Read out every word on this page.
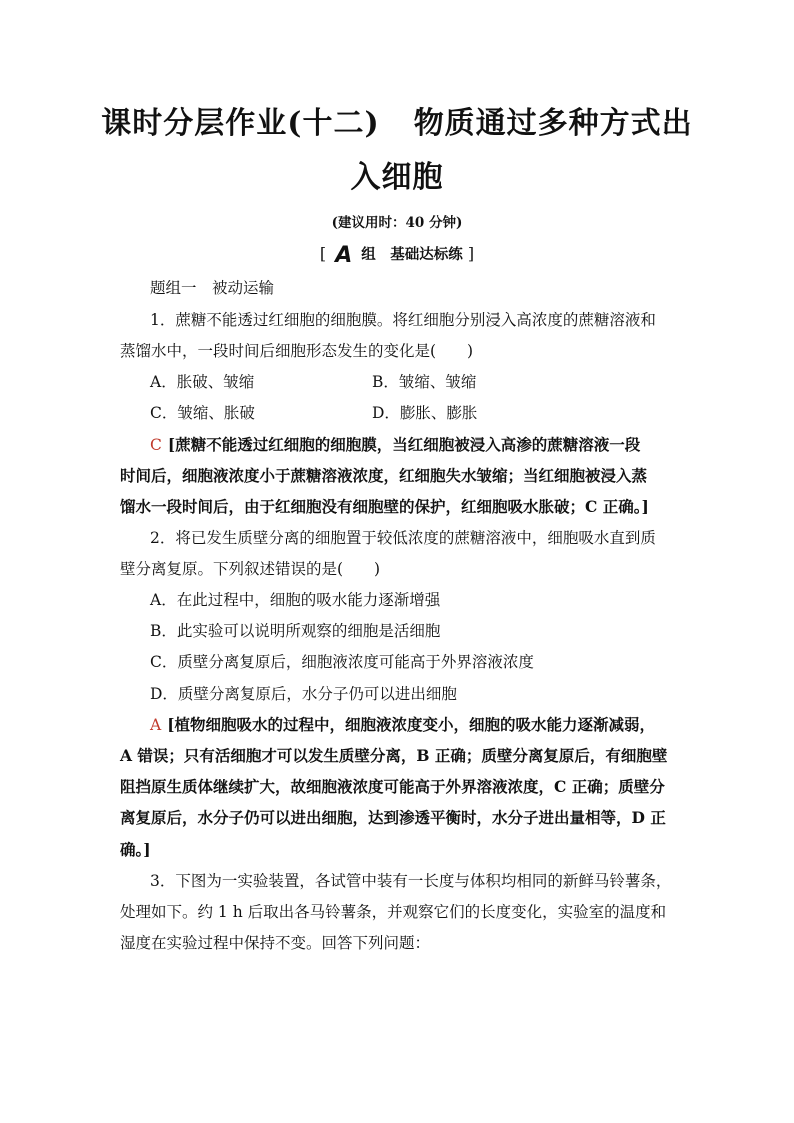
课时分层作业(十二) 物质通过多种方式出
入细胞
(建议用时：40 分钟)
[ A 组　基础达标练 ]
题组一　被动运输
1．蔗糖不能透过红细胞的细胞膜。将红细胞分别浸入高浓度的蔗糖溶液和
蒸馏水中，一段时间后细胞形态发生的变化是(　　)
A．胀破、皱缩	B．皱缩、皱缩
C．皱缩、胀破	D．膨胀、膨胀
C [蔗糖不能透过红细胞的细胞膜，当红细胞被浸入高渗的蔗糖溶液一段
时间后，细胞液浓度小于蔗糖溶液浓度，红细胞失水皱缩；当红细胞被浸入蒸
馏水一段时间后，由于红细胞没有细胞壁的保护，红细胞吸水胀破；C 正确。]
2．将已发生质壁分离的细胞置于较低浓度的蔗糖溶液中，细胞吸水直到质
壁分离复原。下列叙述错误的是(　　)
A．在此过程中，细胞的吸水能力逐渐增强
B．此实验可以说明所观察的细胞是活细胞
C．质壁分离复原后，细胞液浓度可能高于外界溶液浓度
D．质壁分离复原后，水分子仍可以进出细胞
A [植物细胞吸水的过程中，细胞液浓度变小，细胞的吸水能力逐渐减弱，
A 错误；只有活细胞才可以发生质壁分离，B 正确；质壁分离复原后，有细胞壁
阻挡原生质体继续扩大，故细胞液浓度可能高于外界溶液浓度，C 正确；质壁分
离复原后，水分子仍可以进出细胞，达到渗透平衡时，水分子进出量相等，D 正
确。]
3．下图为一实验装置，各试管中装有一长度与体积均相同的新鲜马铃薯条，
处理如下。约 1 h 后取出各马铃薯条，并观察它们的长度变化，实验室的温度和
湿度在实验过程中保持不变。回答下列问题：
